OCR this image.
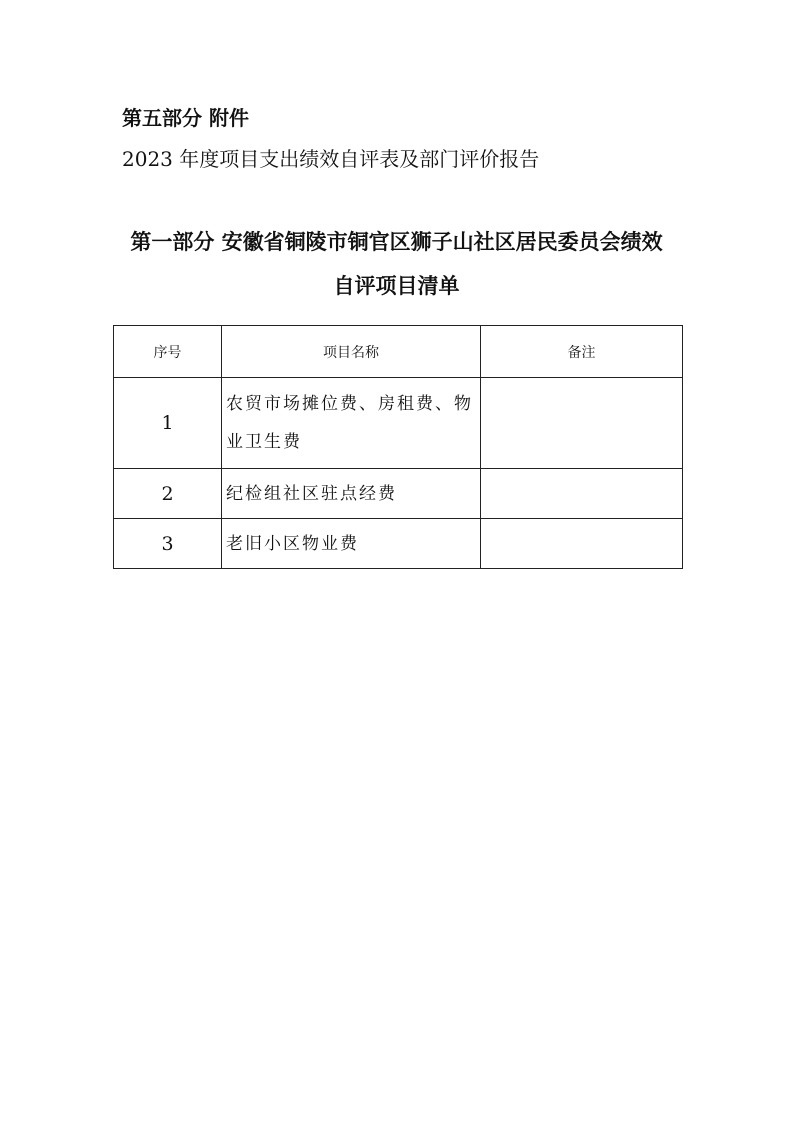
第五部分 附件
2023 年度项目支出绩效自评表及部门评价报告
第一部分 安徽省铜陵市铜官区狮子山社区居民委员会绩效
自评项目清单
序号	项目名称	备注
1	农贸市场摊位费、房租费、物业卫生费	
2	纪检组社区驻点经费	
3	老旧小区物业费	
